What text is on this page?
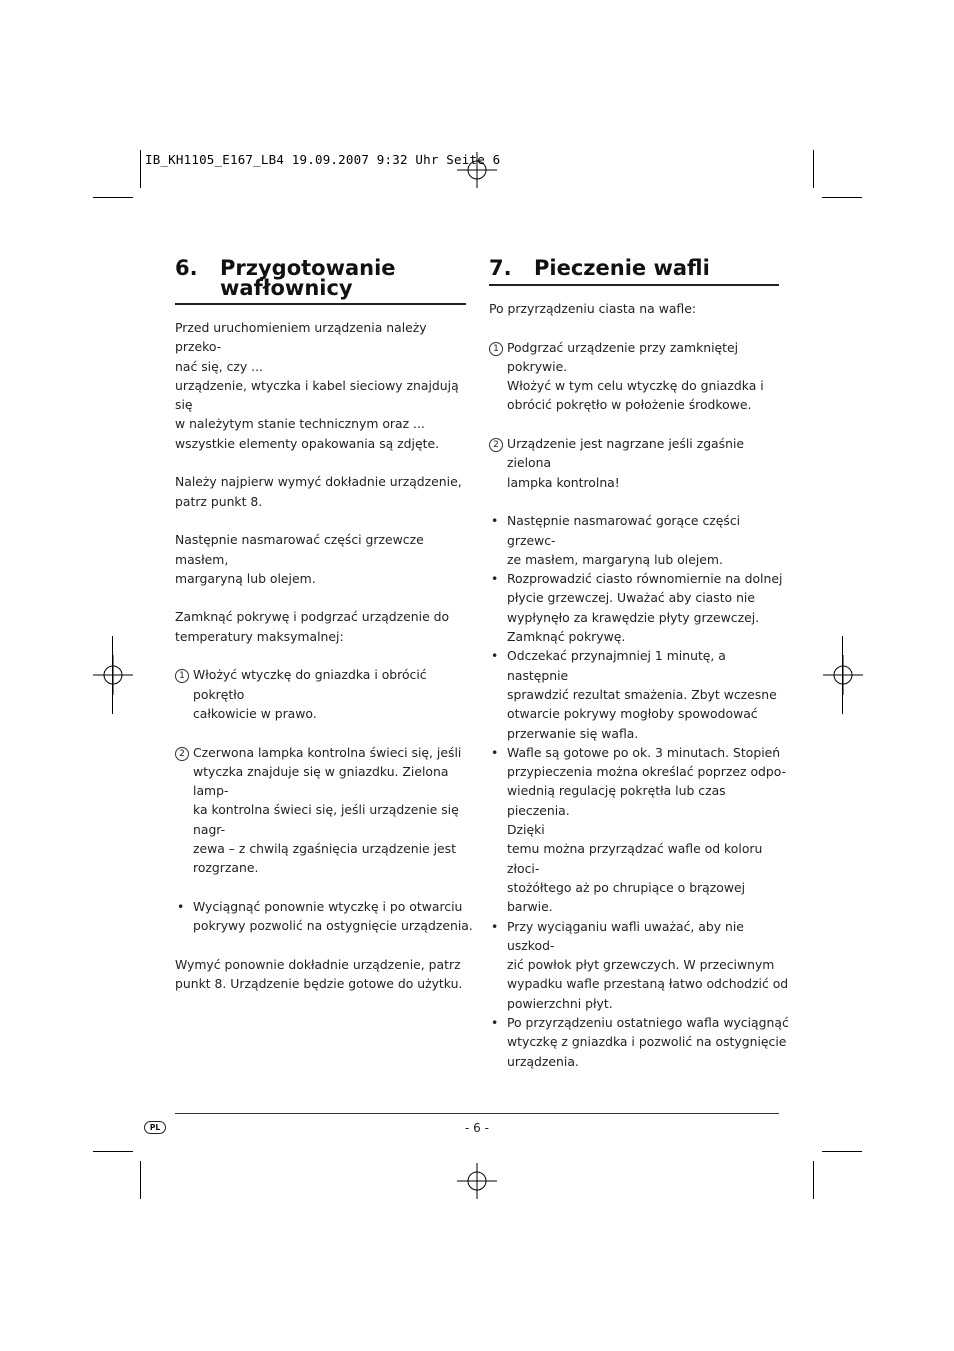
IB_KH1105_E167_LB4 19.09.2007 9:32 Uhr Seite 6
6. Przygotowanie
wafłownicy
Przed uruchomieniem urządzenia należy przeko-
nać się, czy ...
urządzenie, wtyczka i kabel sieciowy znajdują się
w należytym stanie technicznym oraz ...
wszystkie elementy opakowania są zdjęte.
Należy najpierw wymyć dokładnie urządzenie,
patrz punkt 8.
Następnie nasmarować części grzewcze masłem,
margaryną lub olejem.
Zamknąć pokrywę i podgrzać urządzenie do
temperatury maksymalnej:
1 Włożyć wtyczkę do gniazdka i obrócić pokrętło
całkowicie w prawo.
2 Czerwona lampka kontrolna świeci się, jeśli
wtyczka znajduje się w gniazdku. Zielona lamp-
ka kontrolna świeci się, jeśli urządzenie się nagr-
zewa – z chwilą zgaśnięcia urządzenie jest
rozgrzane.
• Wyciągnąć ponownie wtyczkę i po otwarciu
pokrywy pozwolić na ostygnięcie urządzenia.
Wymyć ponownie dokładnie urządzenie, patrz
punkt 8. Urządzenie będzie gotowe do użytku.
7. Pieczenie wafli
Po przyrządzeniu ciasta na wafle:
1 Podgrzać urządzenie przy zamkniętej pokrywie.
Włożyć w tym celu wtyczkę do gniazdka i
obrócić pokrętło w położenie środkowe.
2 Urządzenie jest nagrzane jeśli zgaśnie zielona
lampka kontrolna!
• Następnie nasmarować gorące części grzewc-
ze masłem, margaryną lub olejem.
• Rozprowadzić ciasto równomiernie na dolnej
płycie grzewczej. Uważać aby ciasto nie
wypłynęło za krawędzie płyty grzewczej.
Zamknąć pokrywę.
• Odczekać przynajmniej 1 minutę, a następnie
sprawdzić rezultat smażenia. Zbyt wczesne
otwarcie pokrywy mogłoby spowodować
przerwanie się wafla.
• Wafle są gotowe po ok. 3 minutach. Stopień
przypieczenia można określać poprzez odpo-
wiednią regulację pokrętła lub czas pieczenia.
Dzięki
temu można przyrządzać wafle od koloru złoci-
stożółtego aż po chrupiące o brązowej barwie.
• Przy wyciąganiu wafli uważać, aby nie uszkod-
zić powłok płyt grzewczych. W przeciwnym
wypadku wafle przestaną łatwo odchodzić od
powierzchni płyt.
• Po przyrządzeniu ostatniego wafla wyciągnąć
wtyczkę z gniazdka i pozwolić na ostygnięcie
urządzenia.
PL	- 6 -
